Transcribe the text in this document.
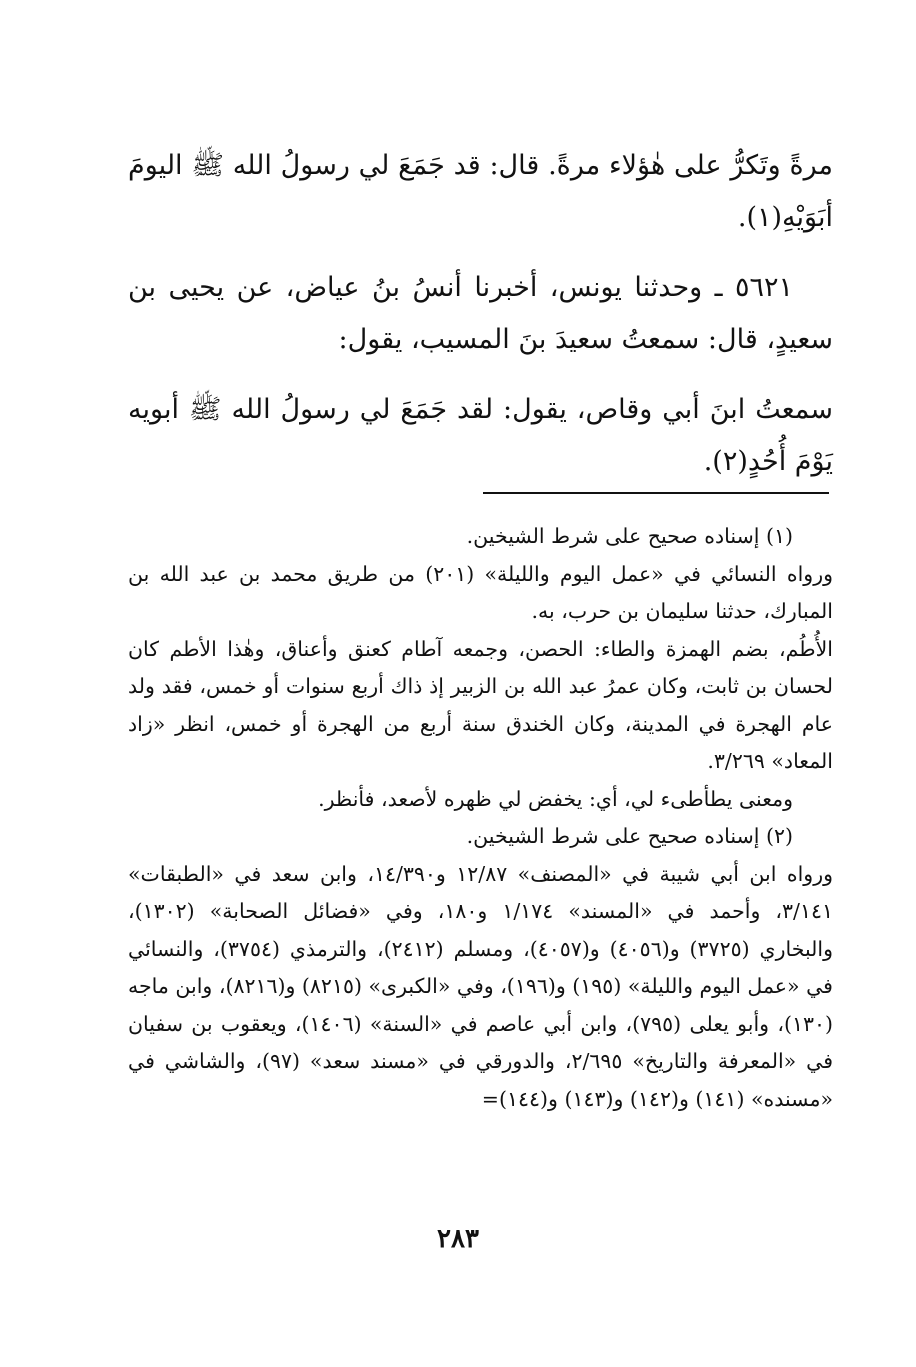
مرةً وتَكرُّ على هٰؤلاء مرةً. قال: قد جَمَعَ لي رسولُ الله ﷺ اليومَ أبَوَيْهِ(١).

٥٦٢١ ـ وحدثنا يونس، أخبرنا أنسُ بنُ عياض، عن يحيى بن سعيدٍ، قال: سمعتُ سعيدَ بنَ المسيب، يقول:

سمعتُ ابنَ أبي وقاص، يقول: لقد جَمَعَ لي رسولُ الله ﷺ أبويه يَوْمَ أُحُدٍ(٢).

(١) إسناده صحيح على شرط الشيخين.

ورواه النسائي في «عمل اليوم والليلة» (٢٠١) من طريق محمد بن عبد الله بن المبارك، حدثنا سليمان بن حرب، به.

الأُطُم، بضم الهمزة والطاء: الحصن، وجمعه آطام كعنق وأعناق، وهٰذا الأطم كان لحسان بن ثابت، وكان عمرُ عبد الله بن الزبير إذ ذاك أربع سنوات أو خمس، فقد ولد عام الهجرة في المدينة، وكان الخندق سنة أربع من الهجرة أو خمس، انظر «زاد المعاد» ٣/٢٦٩.

ومعنى يطأطىء لي، أي: يخفض لي ظهره لأصعد، فأنظر.

(٢) إسناده صحيح على شرط الشيخين.

ورواه ابن أبي شيبة في «المصنف» ١٢/٨٧ و١٤/٣٩٠، وابن سعد في «الطبقات» ٣/١٤١، وأحمد في «المسند» ١/١٧٤ و١٨٠، وفي «فضائل الصحابة» (١٣٠٢)، والبخاري (٣٧٢٥) و(٤٠٥٦) و(٤٠٥٧)، ومسلم (٢٤١٢)، والترمذي (٣٧٥٤)، والنسائي في «عمل اليوم والليلة» (١٩٥) و(١٩٦)، وفي «الكبرى» (٨٢١٥) و(٨٢١٦)، وابن ماجه (١٣٠)، وأبو يعلى (٧٩٥)، وابن أبي عاصم في «السنة» (١٤٠٦)، ويعقوب بن سفيان في «المعرفة والتاريخ» ٢/٦٩٥، والدورقي في «مسند سعد» (٩٧)، والشاشي في «مسنده» (١٤١) و(١٤٢) و(١٤٣) و(١٤٤)=

٢٨٣
